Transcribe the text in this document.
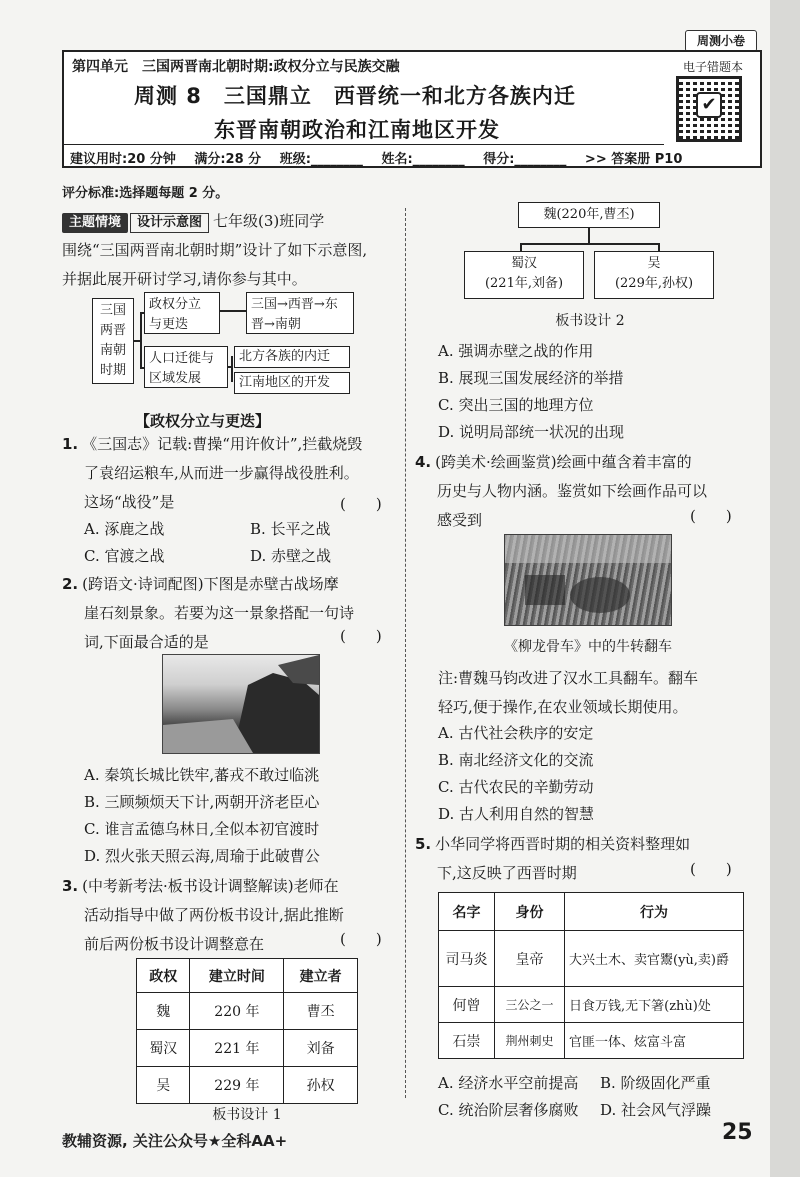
周测小卷
第四单元　三国两晋南北朝时期:政权分立与民族交融
周测 8　三国鼎立　西晋统一和北方各族内迁
东晋南朝政治和江南地区开发
电子错题本
✔
建议用时:20 分钟 满分:28 分 班级:________ 姓名:________ 得分:________ >> 答案册 P10
评分标准:选择题每题 2 分。
主题情境 设计示意图 七年级(3)班同学
围绕“三国两晋南北朝时期”设计了如下示意图,
并据此展开研讨学习,请你参与其中。
三国
两晋
南朝
时期
政权分立
与更迭
三国→西晋→东
晋→南朝
人口迁徙与
区域发展
北方各族的内迁
江南地区的开发
【政权分立与更迭】
1. 《三国志》记载:曹操“用许攸计”,拦截烧毁
了袁绍运粮车,从而进一步赢得战役胜利。
这场“战役”是	(　　)
A. 涿鹿之战	B. 长平之战
C. 官渡之战	D. 赤壁之战
2. (跨语文·诗词配图)下图是赤壁古战场摩
崖石刻景象。若要为这一景象搭配一句诗
词,下面最合适的是	(　　)
A. 秦筑长城比铁牢,蕃戎不敢过临洮
B. 三顾频烦天下计,两朝开济老臣心
C. 谁言孟德乌林日,全似本初官渡时
D. 烈火张天照云海,周瑜于此破曹公
3. (中考新考法·板书设计调整解读)老师在
活动指导中做了两份板书设计,据此推断
前后两份板书设计调整意在	(　　)
政权	建立时间	建立者
魏	220 年	曹丕
蜀汉	221 年	刘备
吴	229 年	孙权
板书设计 1
魏(220年,曹丕)
蜀汉
(221年,刘备)
吴
(229年,孙权)
板书设计 2
A. 强调赤壁之战的作用
B. 展现三国发展经济的举措
C. 突出三国的地理方位
D. 说明局部统一状况的出现
4. (跨美术·绘画鉴赏)绘画中蕴含着丰富的
历史与人物内涵。鉴赏如下绘画作品可以
感受到	(　　)
《柳龙骨车》中的牛转翻车
注:曹魏马钧改进了汉水工具翻车。翻车
轻巧,便于操作,在农业领域长期使用。
A. 古代社会秩序的安定
B. 南北经济文化的交流
C. 古代农民的辛勤劳动
D. 古人利用自然的智慧
5. 小华同学将西晋时期的相关资料整理如
下,这反映了西晋时期	(　　)
名字	身份	行为
司马炎	皇帝	大兴土木、卖官鬻(yù,卖)爵
何曾	三公之一	日食万钱,无下箸(zhù)处
石崇	荆州刺史	官匪一体、炫富斗富
A. 经济水平空前提高 B. 阶级固化严重
C. 统治阶层奢侈腐败 D. 社会风气浮躁
教辅资源, 关注公众号★全科AA+	25
